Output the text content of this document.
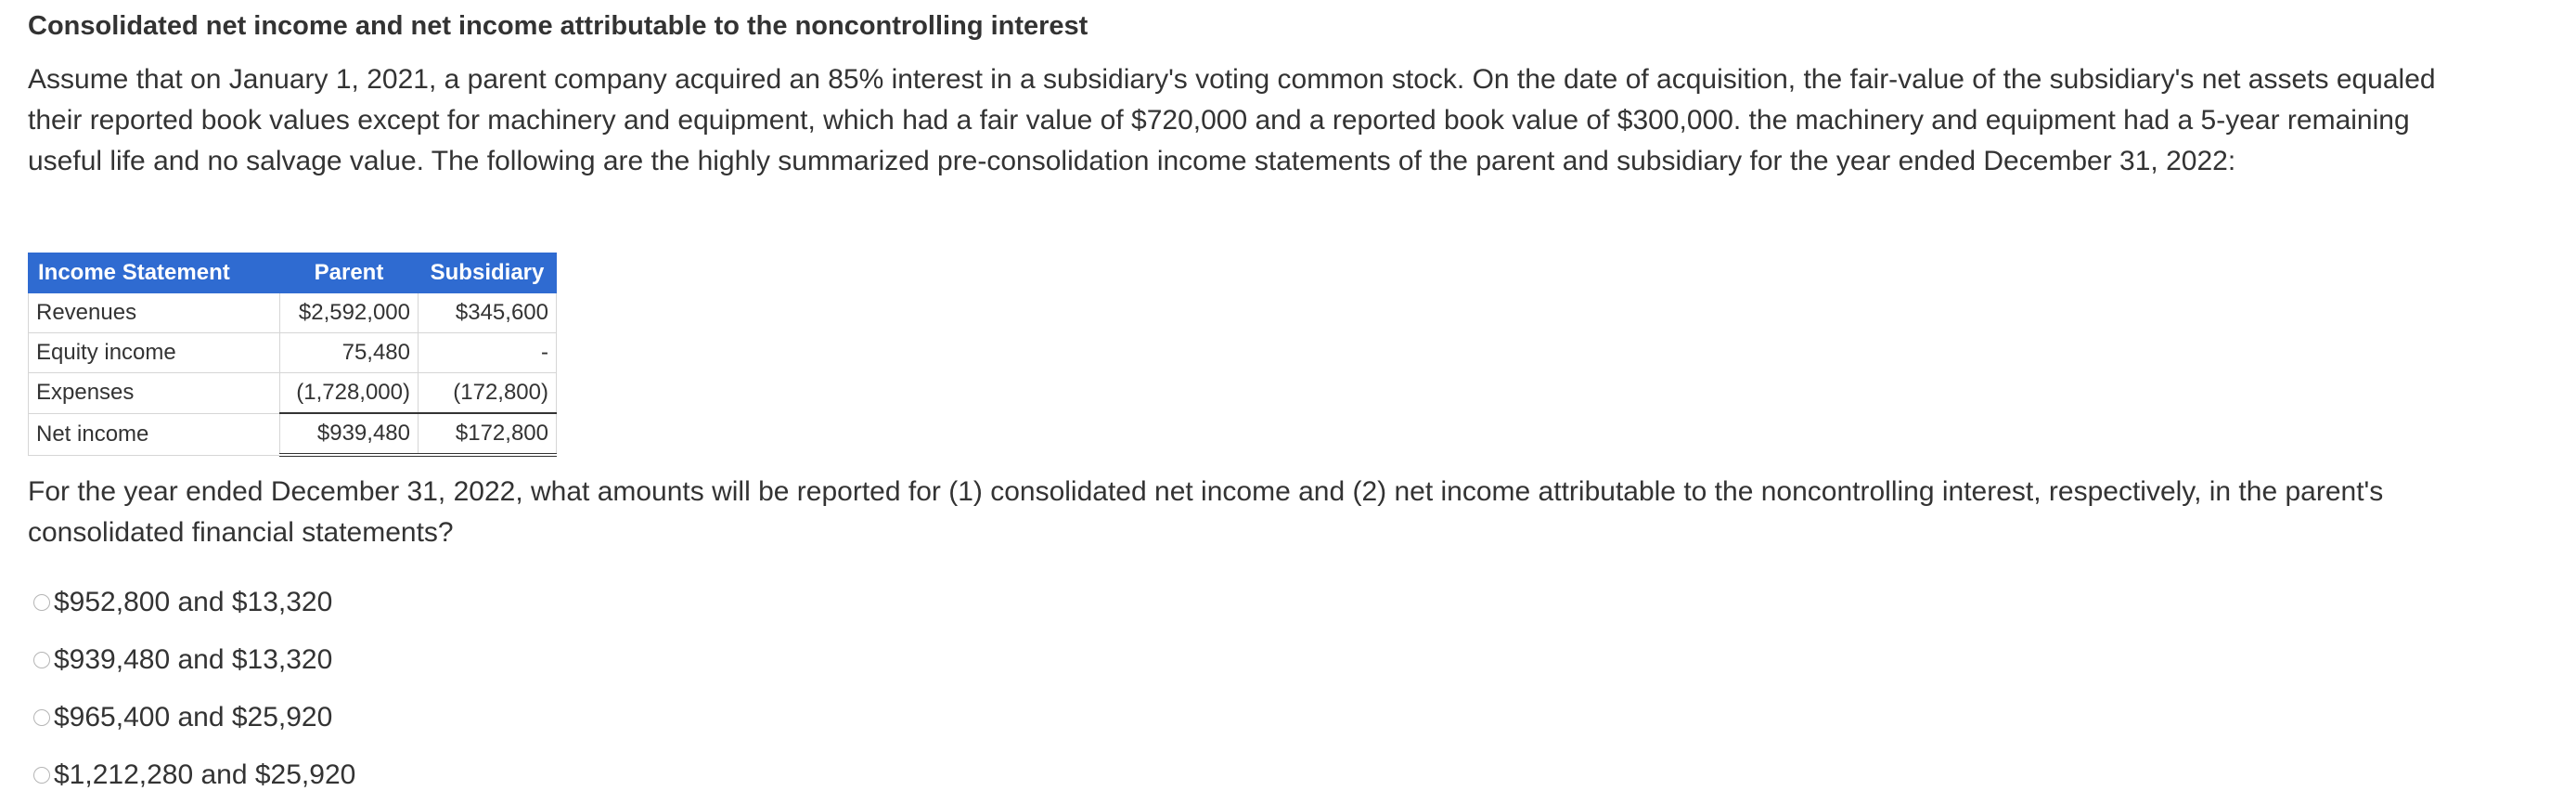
Consolidated net income and net income attributable to the noncontrolling interest
Assume that on January 1, 2021, a parent company acquired an 85% interest in a subsidiary's voting common stock. On the date of acquisition, the fair-value of the subsidiary's net assets equaled
their reported book values except for machinery and equipment, which had a fair value of $720,000 and a reported book value of $300,000. the machinery and equipment had a 5-year remaining
useful life and no salvage value. The following are the highly summarized pre-consolidation income statements of the parent and subsidiary for the year ended December 31, 2022:
Income Statement	Parent	Subsidiary
Revenues	$2,592,000	$345,600
Equity income	75,480	-
Expenses	(1,728,000)	(172,800)
Net income	$939,480	$172,800
For the year ended December 31, 2022, what amounts will be reported for (1) consolidated net income and (2) net income attributable to the noncontrolling interest, respectively, in the parent's
consolidated financial statements?
$952,800 and $13,320
$939,480 and $13,320
$965,400 and $25,920
$1,212,280 and $25,920
